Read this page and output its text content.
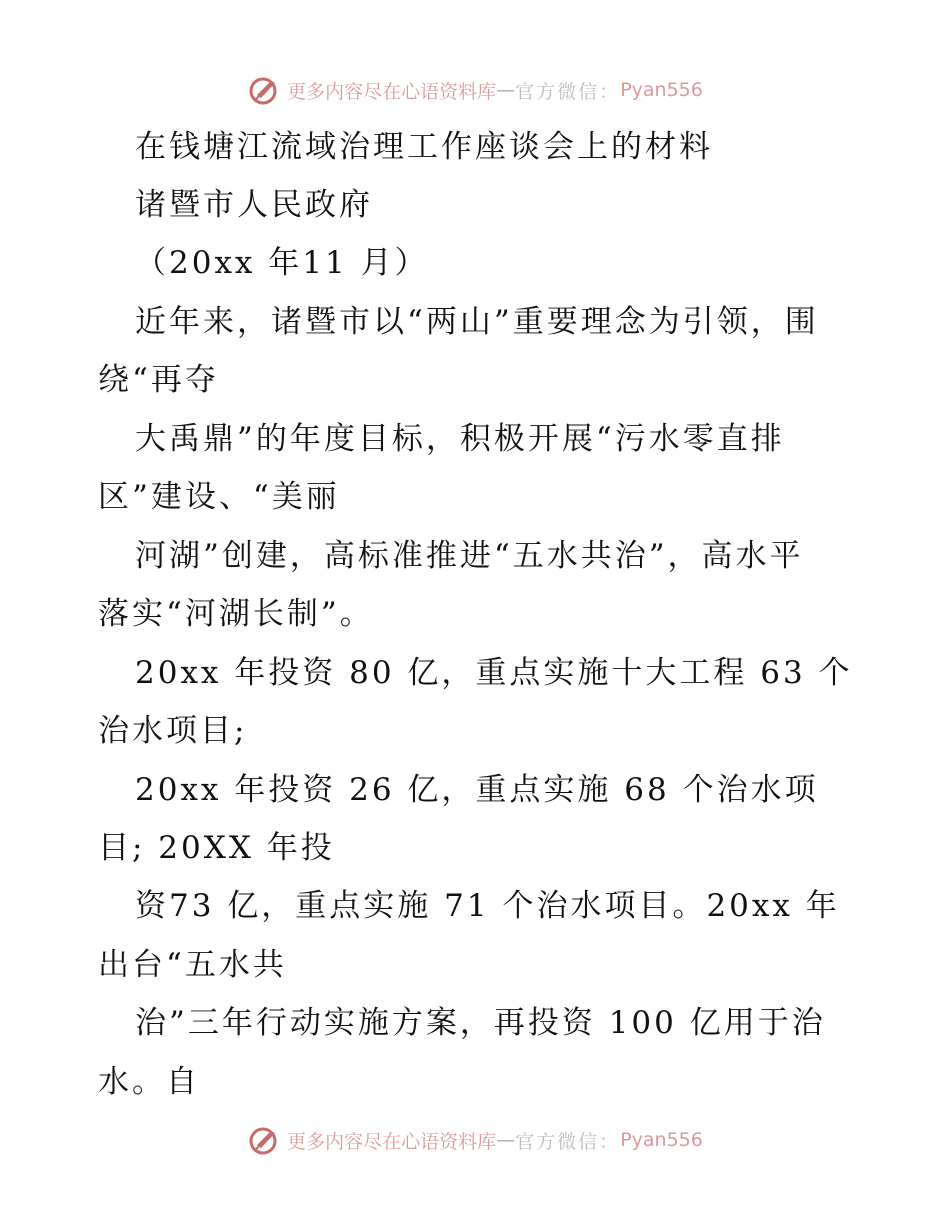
更多内容尽在心语资料库 — 官方微信： Pyan556
在钱塘江流域治理工作座谈会上的材料
诸暨市人民政府
（20xx 年11 月）
近年来，诸暨市以“两山”重要理念为引领，围
绕“再夺
大禹鼎”的年度目标，积极开展“污水零直排
区”建设、“美丽
河湖”创建，高标准推进“五水共治”，高水平
落实“河湖长制”。
20xx 年投资 80 亿，重点实施十大工程 63 个
治水项目;
20xx 年投资 26 亿，重点实施 68 个治水项
目; 20XX 年投
资73 亿，重点实施 71 个治水项目。20xx 年
出台“五水共
治”三年行动实施方案，再投资 100 亿用于治
水。自
更多内容尽在心语资料库 — 官方微信： Pyan556
